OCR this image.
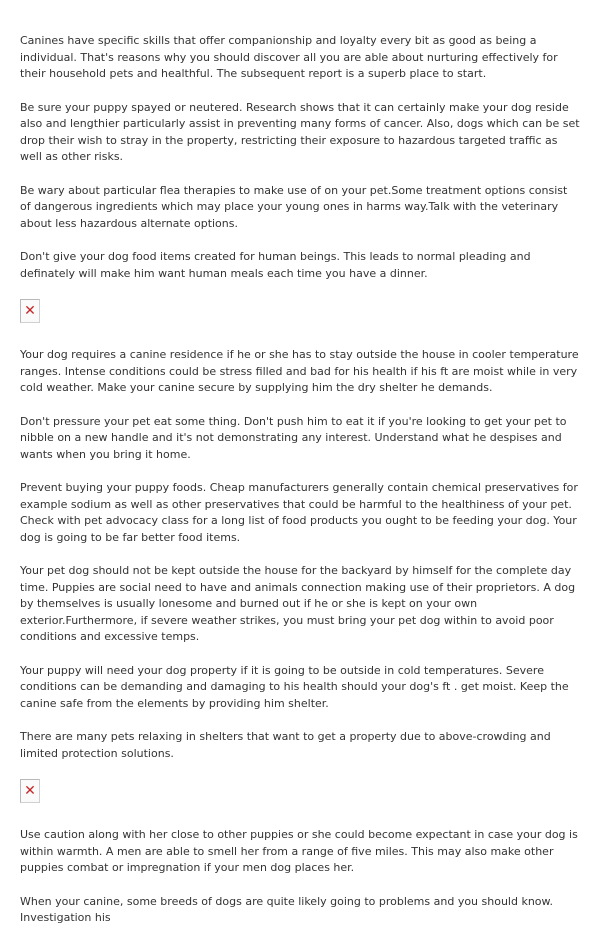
Canines have specific skills that offer companionship and loyalty every bit as good as being a individual. That's reasons why you should discover all you are able about nurturing effectively for their household pets and healthful. The subsequent report is a superb place to start.

Be sure your puppy spayed or neutered. Research shows that it can certainly make your dog reside also and lengthier particularly assist in preventing many forms of cancer. Also, dogs which can be set drop their wish to stray in the property, restricting their exposure to hazardous targeted traffic as well as other risks.

Be wary about particular flea therapies to make use of on your pet.Some treatment options consist of dangerous ingredients which may place your young ones in harms way.Talk with the veterinary about less hazardous alternate options.

Don't give your dog food items created for human beings. This leads to normal pleading and definately will make him want human meals each time you have a dinner.

✕

Your dog requires a canine residence if he or she has to stay outside the house in cooler temperature ranges. Intense conditions could be stress filled and bad for his health if his ft are moist while in very cold weather. Make your canine secure by supplying him the dry shelter he demands.

Don't pressure your pet eat some thing. Don't push him to eat it if you're looking to get your pet to nibble on a new handle and it's not demonstrating any interest. Understand what he despises and wants when you bring it home.

Prevent buying your puppy foods. Cheap manufacturers generally contain chemical preservatives for example sodium as well as other preservatives that could be harmful to the healthiness of your pet. Check with pet advocacy class for a long list of food products you ought to be feeding your dog. Your dog is going to be far better food items.

Your pet dog should not be kept outside the house for the backyard by himself for the complete day time. Puppies are social need to have and animals connection making use of their proprietors. A dog by themselves is usually lonesome and burned out if he or she is kept on your own exterior.Furthermore, if severe weather strikes, you must bring your pet dog within to avoid poor conditions and excessive temps.

Your puppy will need your dog property if it is going to be outside in cold temperatures. Severe conditions can be demanding and damaging to his health should your dog's ft . get moist. Keep the canine safe from the elements by providing him shelter.

There are many pets relaxing in shelters that want to get a property due to above-crowding and limited protection solutions.

✕

Use caution along with her close to other puppies or she could become expectant in case your dog is within warmth. A men are able to smell her from a range of five miles. This may also make other puppies combat or impregnation if your men dog places her.

When your canine, some breeds of dogs are quite likely going to problems and you should know. Investigation his
